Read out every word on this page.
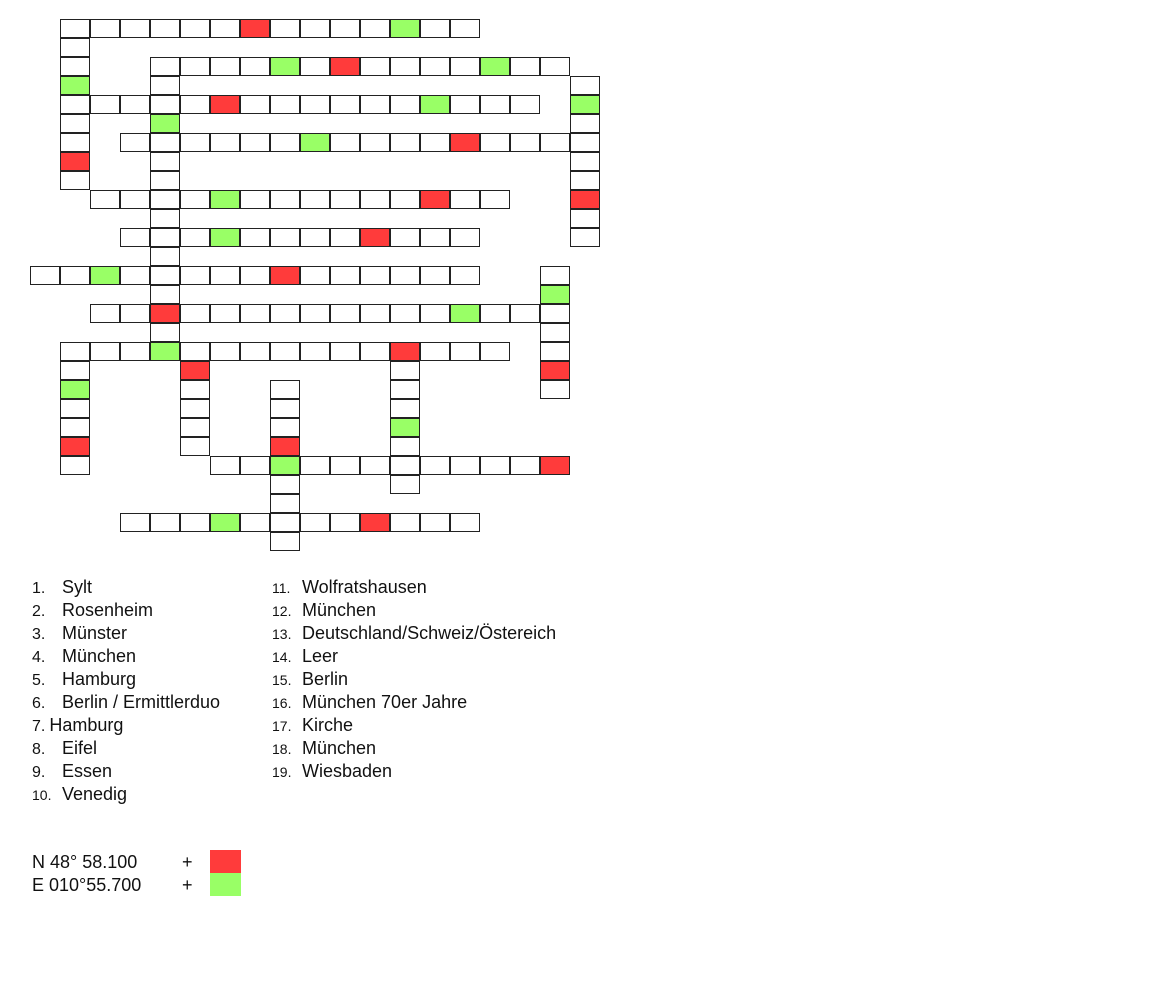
1. Sylt
2. Rosenheim
3. Münster
4. München
5. Hamburg
6. Berlin / Ermittlerduo
7. Hamburg
8. Eifel
9. Essen
10. Venedig
11. Wolfratshausen
12. München
13. Deutschland/Schweiz/Östereich
14. Leer
15. Berlin
16. München 70er Jahre
17. Kirche
18. München
19. Wiesbaden
N 48° 58.100 +
E 010°55.700 +
